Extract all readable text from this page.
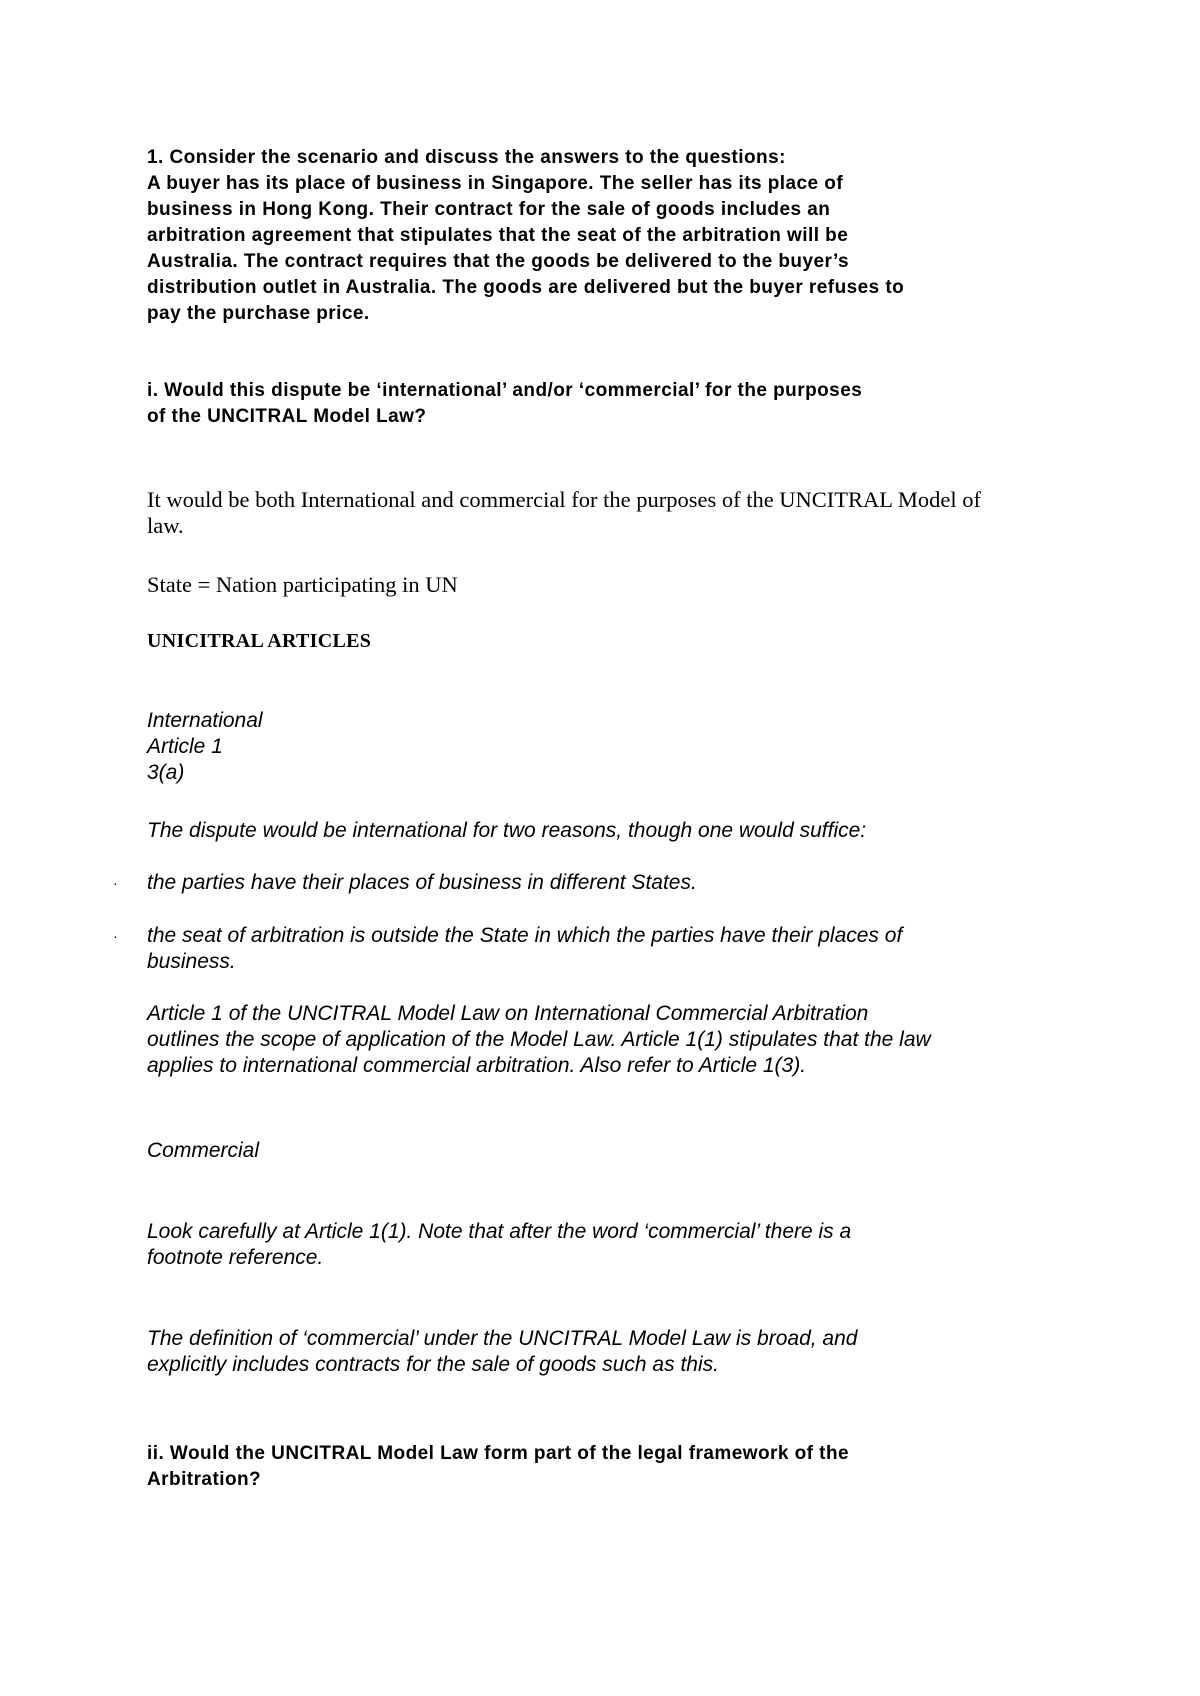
1. Consider the scenario and discuss the answers to the questions:
A buyer has its place of business in Singapore. The seller has its place of
business in Hong Kong. Their contract for the sale of goods includes an
arbitration agreement that stipulates that the seat of the arbitration will be
Australia. The contract requires that the goods be delivered to the buyer’s
distribution outlet in Australia. The goods are delivered but the buyer refuses to
pay the purchase price.
i. Would this dispute be ‘international’ and/or ‘commercial’ for the purposes
of the UNCITRAL Model Law?
It would be both International and commercial for the purposes of the UNCITRAL Model of
law.
State = Nation participating in UN
UNICITRAL ARTICLES
International
Article 1
3(a)
The dispute would be international for two reasons, though one would suffice:
· the parties have their places of business in different States.
· the seat of arbitration is outside the State in which the parties have their places of
business.
Article 1 of the UNCITRAL Model Law on International Commercial Arbitration
outlines the scope of application of the Model Law. Article 1(1) stipulates that the law
applies to international commercial arbitration. Also refer to Article 1(3).
Commercial
Look carefully at Article 1(1). Note that after the word ‘commercial’ there is a
footnote reference.
The definition of ‘commercial’ under the UNCITRAL Model Law is broad, and
explicitly includes contracts for the sale of goods such as this.
ii. Would the UNCITRAL Model Law form part of the legal framework of the
Arbitration?
